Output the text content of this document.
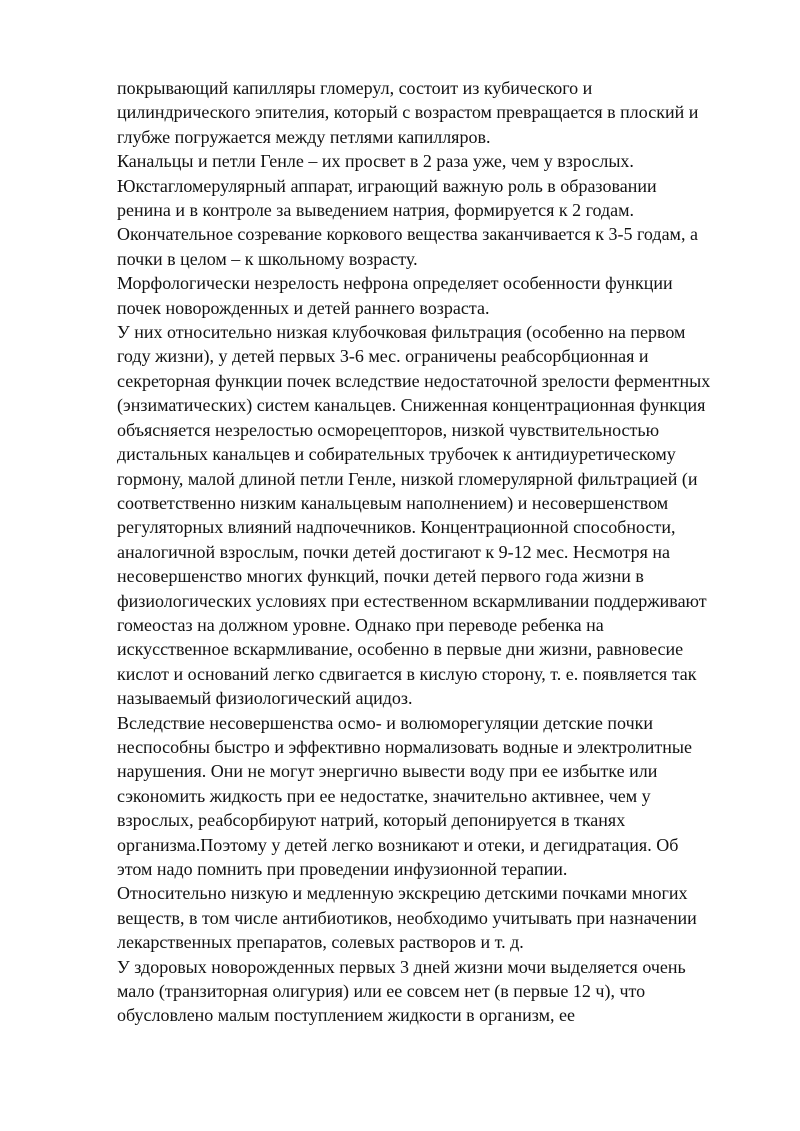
покрывающий капилляры гломерул, состоит из кубического и
цилиндрического эпителия, который с возрастом превращается в плоский и
глубже погружается между петлями капилляров.
Канальцы и петли Генле – их просвет в 2 раза уже, чем у взрослых.
Юкстагломерулярный аппарат, играющий важную роль в образовании
ренина и в контроле за выведением натрия, формируется к 2 годам.
Окончательное созревание коркового вещества заканчивается к 3-5 годам, а
почки в целом – к школьному возрасту.
Морфологически незрелость нефрона определяет особенности функции
почек новорожденных и детей раннего возраста.
У них относительно низкая клубочковая фильтрация (особенно на первом
году жизни), у детей первых 3-6 мес. ограничены реабсорбционная и
секреторная функции почек вследствие недостаточной зрелости ферментных
(энзиматических) систем канальцев. Сниженная концентрационная функция
объясняется незрелостью осморецепторов, низкой чувствительностью
дистальных канальцев и собирательных трубочек к антидиуретическому
гормону, малой длиной петли Генле, низкой гломерулярной фильтрацией (и
соответственно низким канальцевым наполнением) и несовершенством
регуляторных влияний надпочечников. Концентрационной способности,
аналогичной взрослым, почки детей достигают к 9-12 мес. Несмотря на
несовершенство многих функций, почки детей первого года жизни в
физиологических условиях при естественном вскармливании поддерживают
гомеостаз на должном уровне. Однако при переводе ребенка на
искусственное вскармливание, особенно в первые дни жизни, равновесие
кислот и оснований легко сдвигается в кислую сторону, т. е. появляется так
называемый физиологический ацидоз.
Вследствие несовершенства осмо- и волюморегуляции детские почки
неспособны быстро и эффективно нормализовать водные и электролитные
нарушения. Они не могут энергично вывести воду при ее избытке или
сэкономить жидкость при ее недостатке, значительно активнее, чем у
взрослых, реабсорбируют натрий, который депонируется в тканях
организма.Поэтому у детей легко возникают и отеки, и дегидратация. Об
этом надо помнить при проведении инфузионной терапии.
Относительно низкую и медленную экскрецию детскими почками многих
веществ, в том числе антибиотиков, необходимо учитывать при назначении
лекарственных препаратов, солевых растворов и т. д.
У здоровых новорожденных первых 3 дней жизни мочи выделяется очень
мало (транзиторная олигурия) или ее совсем нет (в первые 12 ч), что
обусловлено малым поступлением жидкости в организм, ее
